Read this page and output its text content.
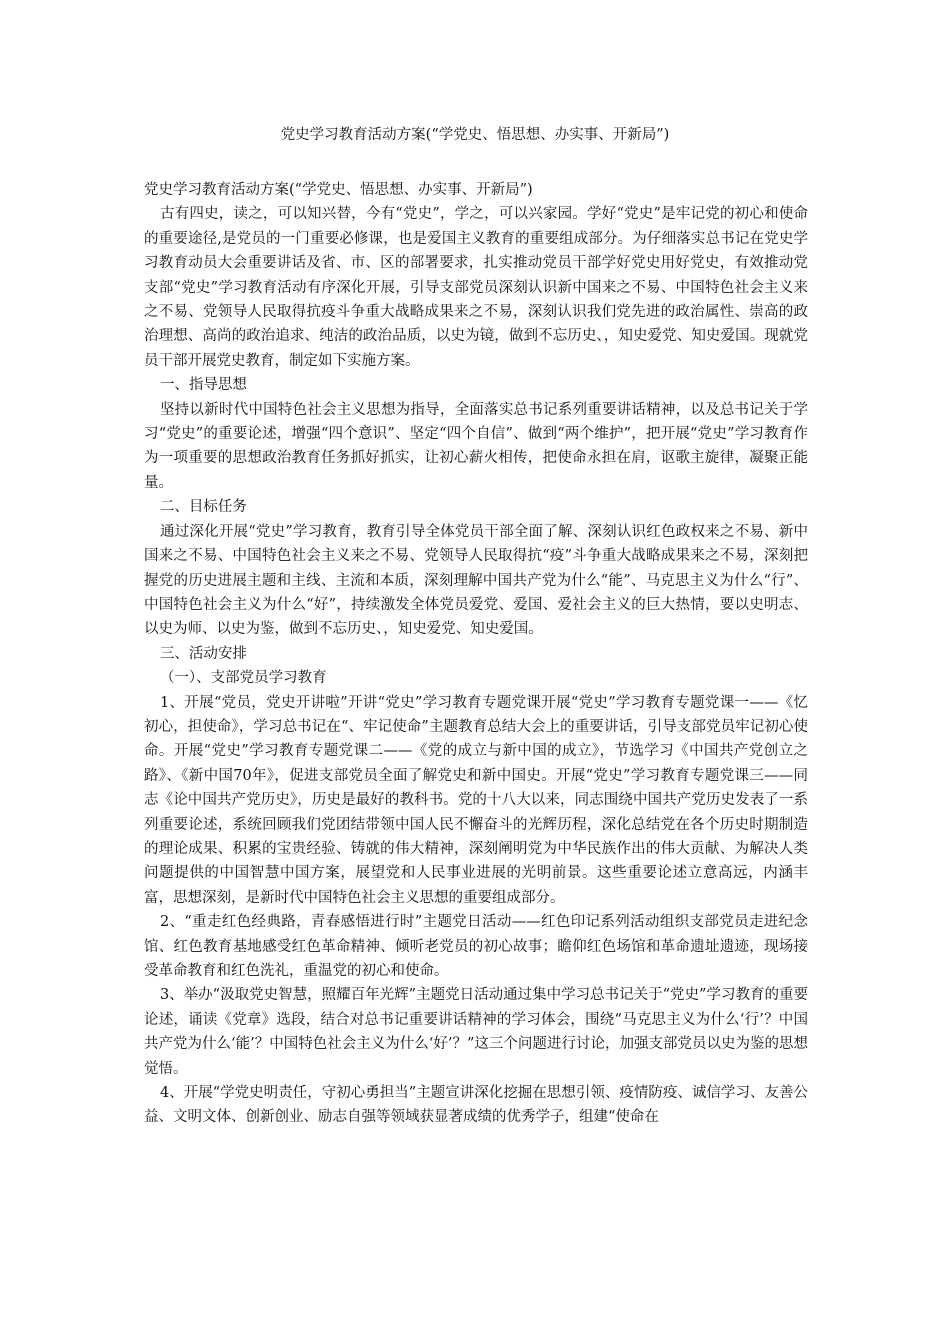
党史学习教育活动方案(“学党史、悟思想、办实事、开新局”)

党史学习教育活动方案(“学党史、悟思想、办实事、开新局”)

古有四史，读之，可以知兴替，今有“党史”，学之，可以兴家园。学好“党史”是牢记党的初心和使命的重要途径,是党员的一门重要必修课，也是爱国主义教育的重要组成部分。为仔细落实总书记在党史学习教育动员大会重要讲话及省、市、区的部署要求，扎实推动党员干部学好党史用好党史，有效推动党支部“党史”学习教育活动有序深化开展，引导支部党员深刻认识新中国来之不易、中国特色社会主义来之不易、党领导人民取得抗疫斗争重大战略成果来之不易，深刻认识我们党先进的政治属性、崇高的政治理想、高尚的政治追求、纯洁的政治品质，以史为镜，做到不忘历史、，知史爱党、知史爱国。现就党员干部开展党史教育，制定如下实施方案。

一、指导思想

坚持以新时代中国特色社会主义思想为指导，全面落实总书记系列重要讲话精神，以及总书记关于学习“党史”的重要论述，增强“四个意识”、坚定“四个自信”、做到“两个维护”，把开展“党史”学习教育作为一项重要的思想政治教育任务抓好抓实，让初心薪火相传，把使命永担在肩，讴歌主旋律，凝聚正能量。

二、目标任务

通过深化开展“党史”学习教育，教育引导全体党员干部全面了解、深刻认识红色政权来之不易、新中国来之不易、中国特色社会主义来之不易、党领导人民取得抗“疫”斗争重大战略成果来之不易，深刻把握党的历史进展主题和主线、主流和本质，深刻理解中国共产党为什么“能”、马克思主义为什么“行”、中国特色社会主义为什么“好”，持续激发全体党员爱党、爱国、爱社会主义的巨大热情，要以史明志、以史为师、以史为鉴，做到不忘历史、，知史爱党、知史爱国。

三、活动安排

（一）、支部党员学习教育

1、开展“党员，党史开讲啦”开讲“党史”学习教育专题党课开展“党史”学习教育专题党课一——《忆初心，担使命》，学习总书记在“、牢记使命”主题教育总结大会上的重要讲话，引导支部党员牢记初心使命。开展“党史”学习教育专题党课二——《党的成立与新中国的成立》，节选学习《中国共产党创立之路》、《新中国70年》，促进支部党员全面了解党史和新中国史。开展“党史”学习教育专题党课三——同志《论中国共产党历史》，历史是最好的教科书。党的十八大以来，同志围绕中国共产党历史发表了一系列重要论述，系统回顾我们党团结带领中国人民不懈奋斗的光辉历程，深化总结党在各个历史时期制造的理论成果、积累的宝贵经验、铸就的伟大精神，深刻阐明党为中华民族作出的伟大贡献、为解决人类问题提供的中国智慧中国方案，展望党和人民事业进展的光明前景。这些重要论述立意高远，内涵丰富，思想深刻，是新时代中国特色社会主义思想的重要组成部分。

2、“重走红色经典路，青春感悟进行时”主题党日活动——红色印记系列活动组织支部党员走进纪念馆、红色教育基地感受红色革命精神、倾听老党员的初心故事；瞻仰红色场馆和革命遗址遗迹，现场接受革命教育和红色洗礼，重温党的初心和使命。

3、举办“汲取党史智慧，照耀百年光辉”主题党日活动通过集中学习总书记关于“党史”学习教育的重要论述，诵读《党章》选段，结合对总书记重要讲话精神的学习体会，围绕“马克思主义为什么‘行’？中国共产党为什么‘能’？中国特色社会主义为什么‘好’？”这三个问题进行讨论，加强支部党员以史为鉴的思想觉悟。

4、开展“学党史明责任，守初心勇担当”主题宣讲深化挖掘在思想引领、疫情防疫、诚信学习、友善公益、文明文体、创新创业、励志自强等领域获显著成绩的优秀学子，组建“使命在
